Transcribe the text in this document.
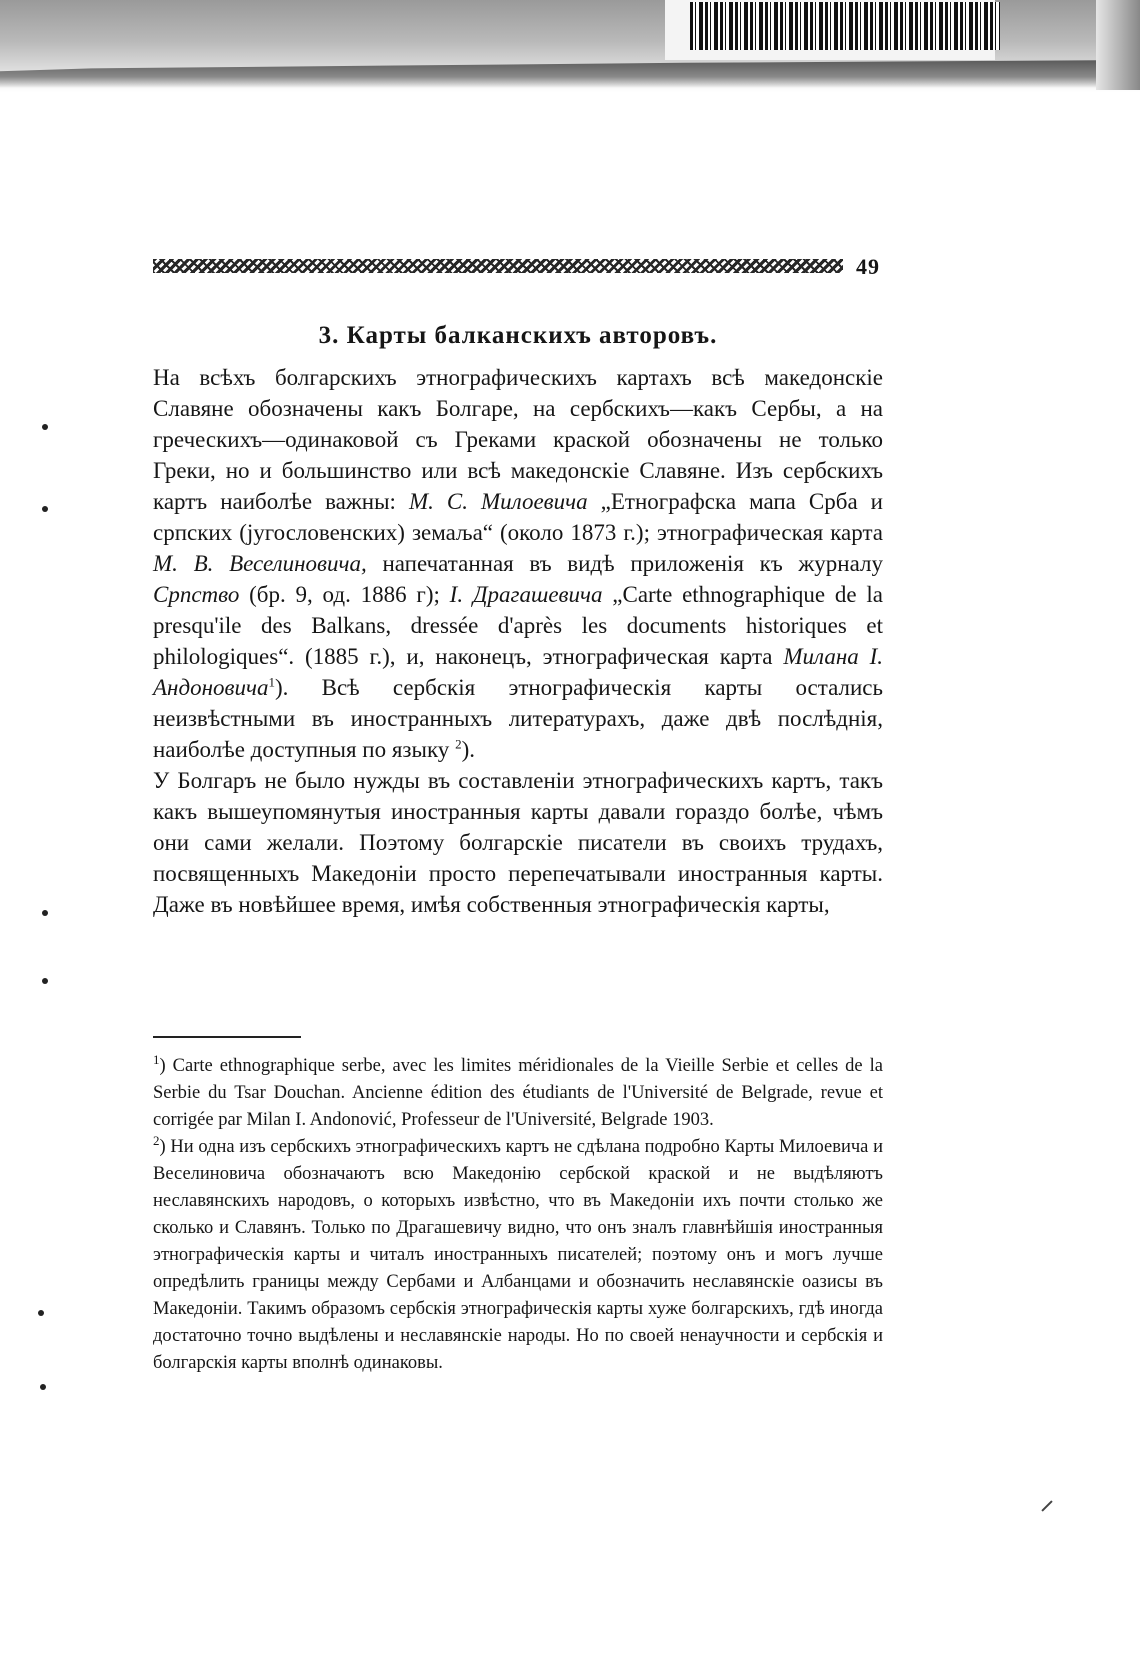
49
3. Карты балканскихъ авторовъ.

На всѣхъ болгарскихъ этнографическихъ картахъ всѣ македонскіе Славяне обозначены какъ Болгаре, на сербскихъ—какъ Сербы, а на греческихъ—одинаковой съ Греками краской обозначены не только Греки, но и большинство или всѣ македонскіе Славяне. Изъ сербскихъ картъ наиболѣе важны: М. С. Милоевича „Етнографска мапа Срба и српских (југословенских) земаља“ (около 1873 г.); этнографическая карта М. В. Веселиновича, напечатанная въ видѣ приложенія къ журналу Српство (бр. 9, од. 1886 г); I. Драгашевича „Carte ethnographique de la presqu'ile des Balkans, dressée d'après les documents historiques et philologiques“. (1885 г.), и, наконецъ, этнографическая карта Милана I. Андоновича$^1$). Всѣ сербскія этнографическія карты остались неизвѣстными въ иностранныхъ литературахъ, даже двѣ послѣднія, наиболѣе доступныя по языку $^2$).

У Болгаръ не было нужды въ составленіи этнографическихъ картъ, такъ какъ вышеупомянутыя иностранныя карты давали гораздо болѣе, чѣмъ они сами желали. Поэтому болгарскіе писатели въ своихъ трудахъ, посвященныхъ Македоніи просто перепечатывали иностранныя карты. Даже въ новѣйшее время, имѣя собственныя этнографическія карты,

$^1$) Carte ethnographique serbe, avec les limites méridionales de la Vieille Serbie et celles de la Serbie du Tsar Douchan. Ancienne édition des étudiants de l'Université de Belgrade, revue et corrigée par Milan I. Andonović, Professeur de l'Université, Belgrade 1903.

$^2$) Ни одна изъ сербскихъ этнографическихъ картъ не сдѣлана подробно Карты Милоевича и Веселиновича обозначаютъ всю Македонію сербской краской и не выдѣляютъ неславянскихъ народовъ, о которыхъ извѣстно, что въ Македоніи ихъ почти столько же сколько и Славянъ. Только по Драгашевичу видно, что онъ зналъ главнѣйшія иностранныя этнографическія карты и читалъ иностранныхъ писателей; поэтому онъ и могъ лучше опредѣлить границы между Сербами и Албанцами и обозначить неславянскіе оазисы въ Македоніи. Такимъ образомъ сербскія этнографическія карты хуже болгарскихъ, гдѣ иногда достаточно точно выдѣлены и неславянскіе народы. Но по своей ненаучности и сербскія и болгарскія карты вполнѣ одинаковы.
